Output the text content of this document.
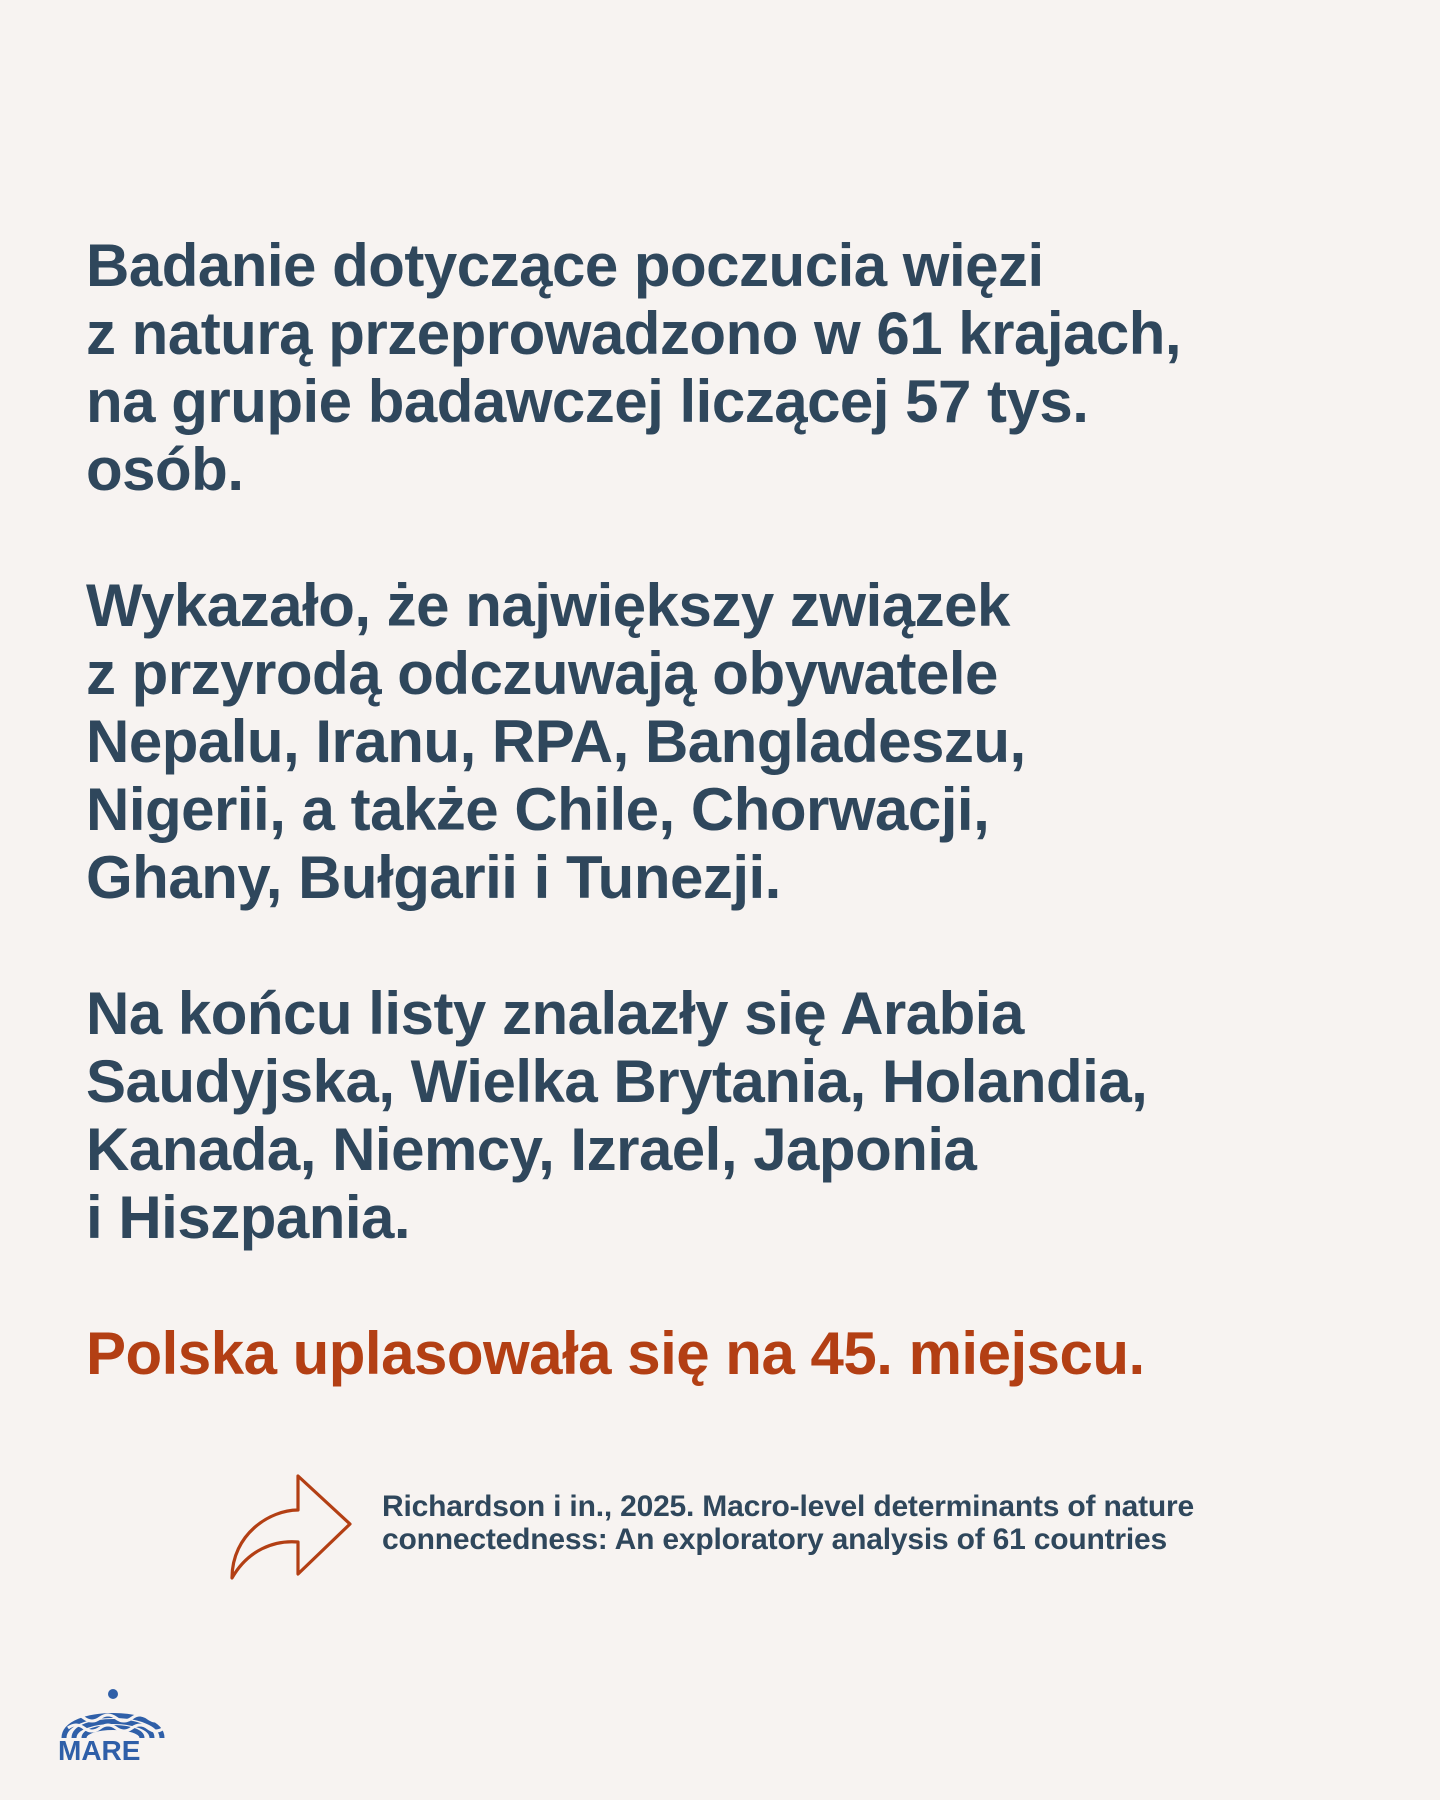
Badanie dotyczące poczucia więzi
z naturą przeprowadzono w 61 krajach,
na grupie badawczej liczącej 57 tys.
osób.

Wykazało, że największy związek
z przyrodą odczuwają obywatele
Nepalu, Iranu, RPA, Bangladeszu,
Nigerii, a także Chile, Chorwacji,
Ghany, Bułgarii i Tunezji.

Na końcu listy znalazły się Arabia
Saudyjska, Wielka Brytania, Holandia,
Kanada, Niemcy, Izrael, Japonia
i Hiszpania.

Polska uplasowała się na 45. miejscu.

Richardson i in., 2025. Macro-level determinants of nature
connectedness: An exploratory analysis of 61 countries
MARE
